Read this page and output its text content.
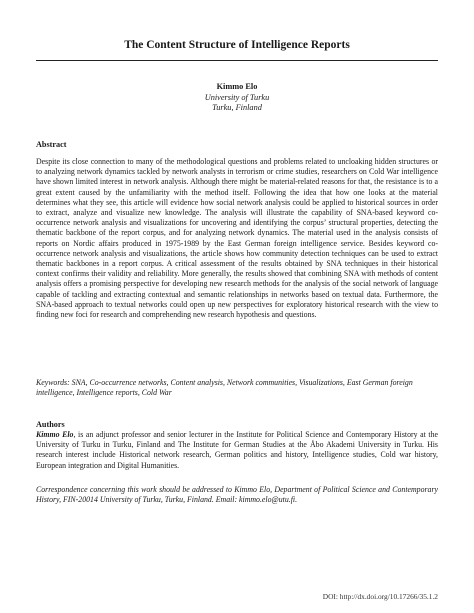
The Content Structure of Intelligence Reports
Kimmo Elo
University of Turku
Turku, Finland
Abstract
Despite its close connection to many of the methodological questions and problems related to uncloaking hidden structures or to analyzing network dynamics tackled by network analysts in terrorism or crime studies, researchers on Cold War intelligence have shown limited interest in network analysis. Although there might be material-related reasons for that, the resistance is to a great extent caused by the unfamiliarity with the method itself. Following the idea that how one looks at the material determines what they see, this article will evidence how social network analysis could be applied to historical sources in order to extract, analyze and visualize new knowledge. The analysis will illustrate the capability of SNA-based keyword co-occurrence network analysis and visualizations for uncovering and identifying the corpus’ structural properties, detecting the thematic backbone of the report corpus, and for analyzing network dynamics. The material used in the analysis consists of reports on Nordic affairs produced in 1975-1989 by the East German foreign intelligence service. Besides keyword co-occurrence network analysis and visualizations, the article shows how community detection techniques can be used to extract thematic backbones in a report corpus. A critical assessment of the results obtained by SNA techniques in their historical context confirms their validity and reliability. More generally, the results showed that combining SNA with methods of content analysis offers a promising perspective for developing new research methods for the analysis of the social network of language capable of tackling and extracting contextual and semantic relationships in networks based on textual data. Furthermore, the SNA-based approach to textual networks could open up new perspectives for exploratory historical research with the view to finding new foci for research and comprehending new research hypothesis and questions.
Keywords: SNA, Co-occurrence networks, Content analysis, Network communities, Visualizations, East German foreign intelligence, Intelligence reports, Cold War
Authors
Kimmo Elo, is an adjunct professor and senior lecturer in the Institute for Political Science and Contemporary History at the University of Turku in Turku, Finland and The Institute for German Studies at the Åbo Akademi University in Turku. His research interest include Historical network research, German politics and history, Intelligence studies, Cold war history, European integration and Digital Humanities.
Correspondence concerning this work should be addressed to Kimmo Elo, Department of Political Science and Contemporary History, FIN-20014 University of Turku, Turku, Finland. Email: kimmo.elo@utu.fi.
DOI: http://dx.doi.org/10.17266/35.1.2
